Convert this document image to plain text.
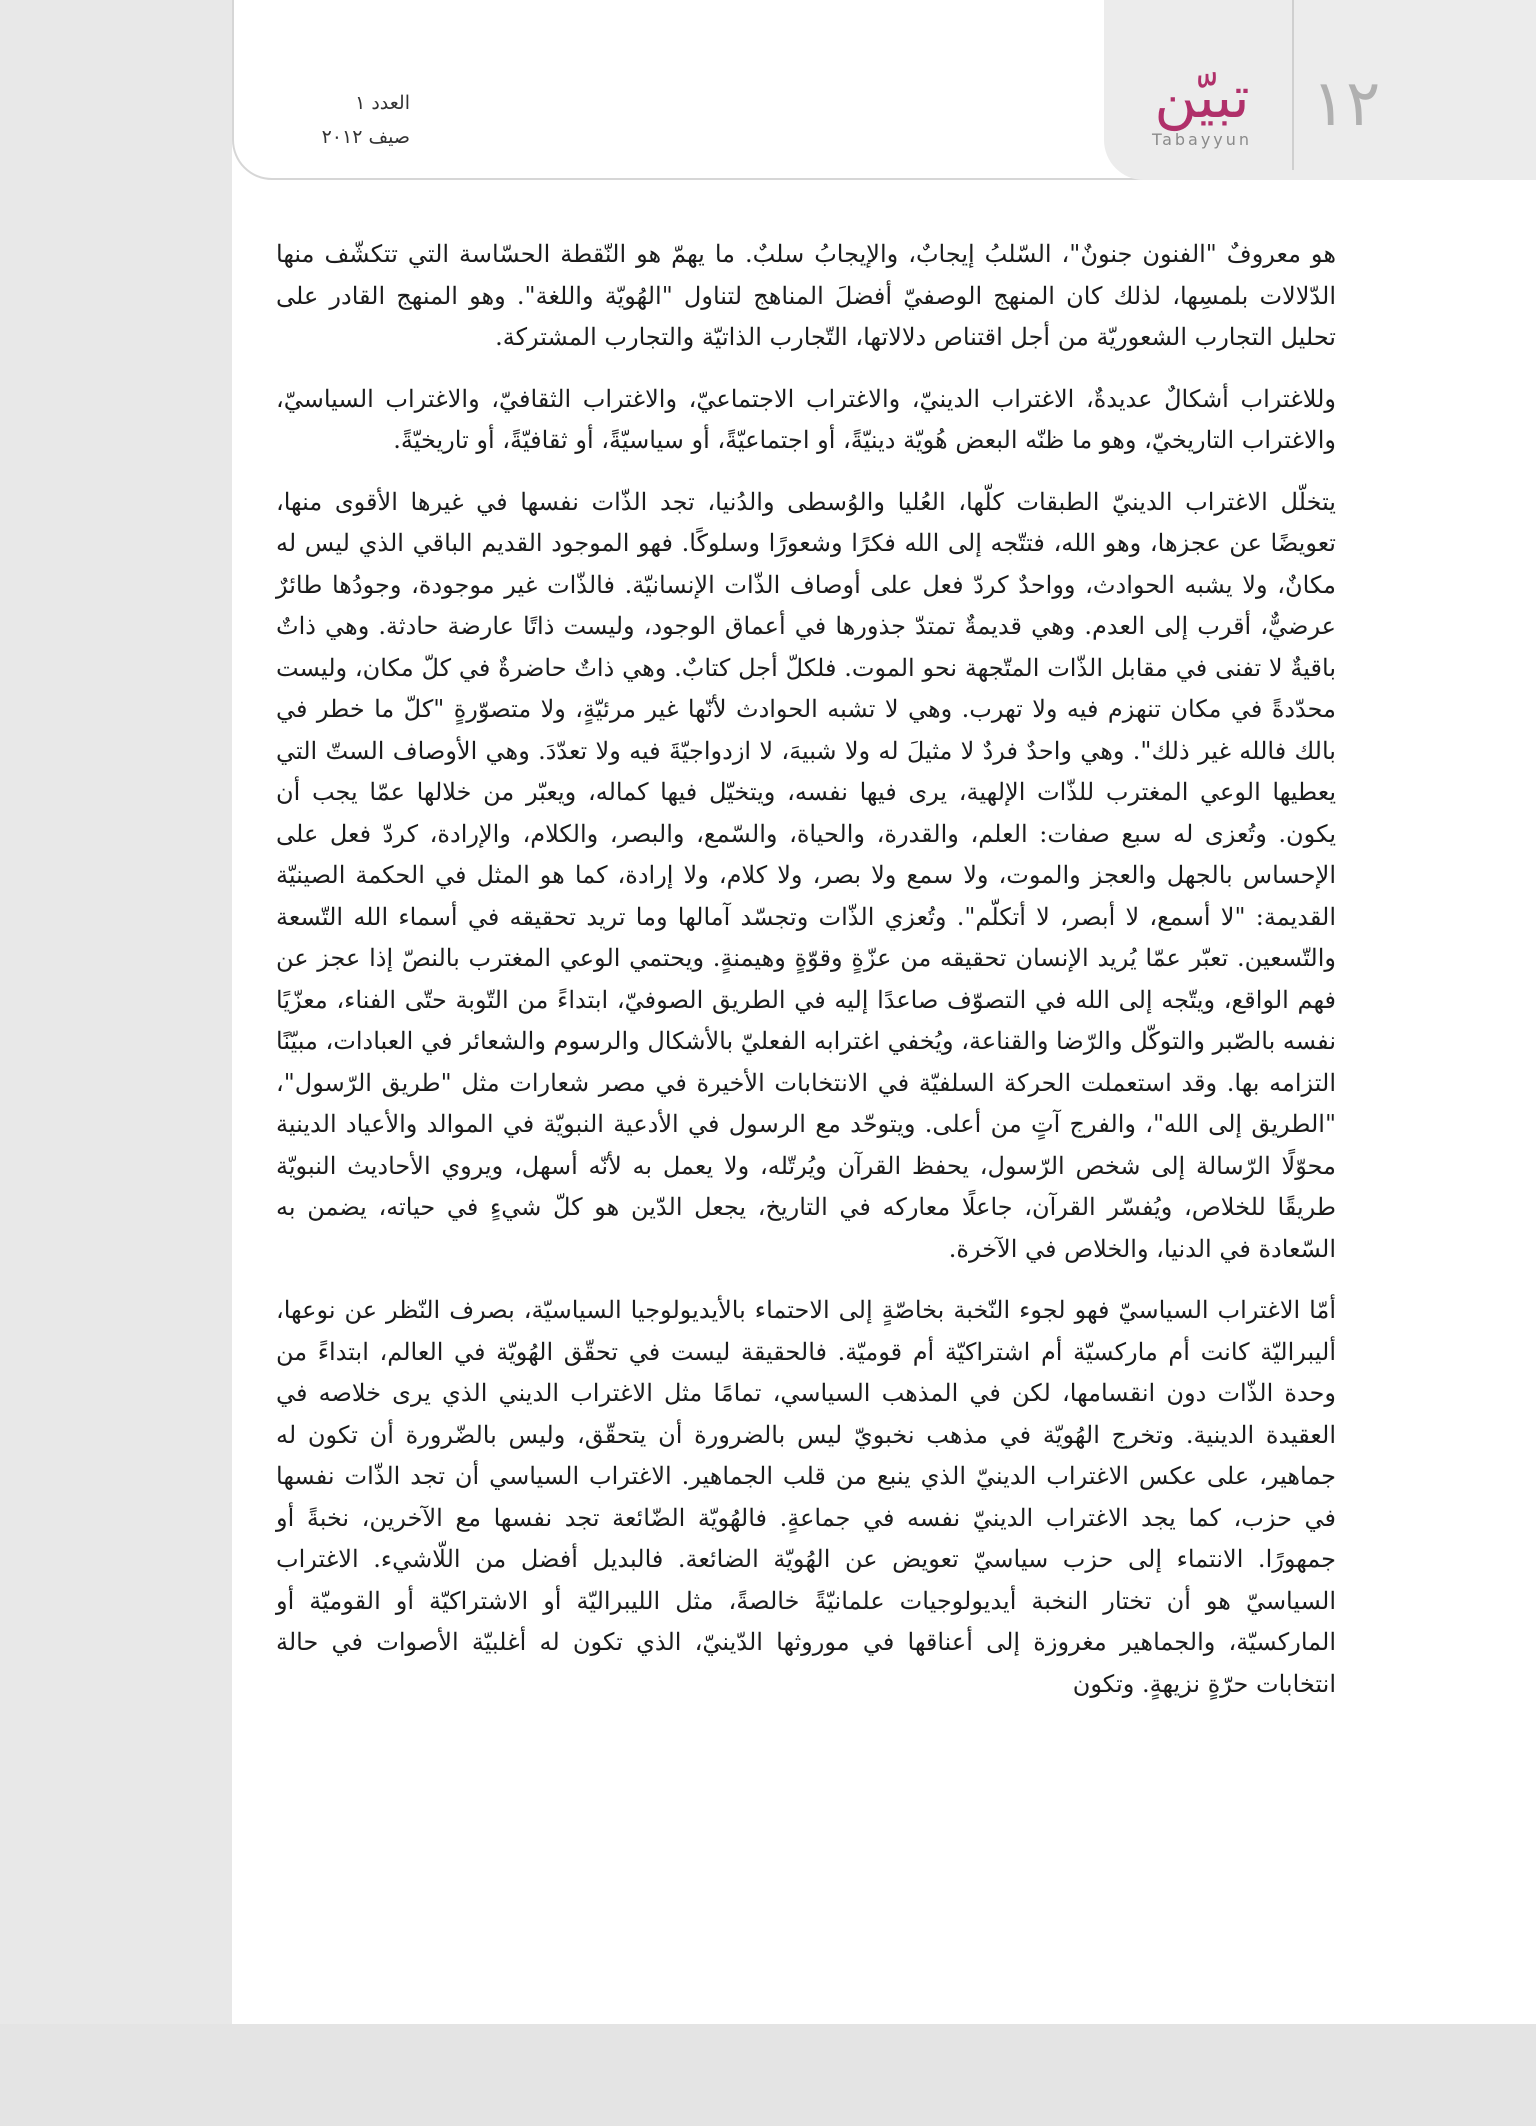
العدد ١
صيف ٢٠١٢
تبيّن
Tabayyun ١٢

هو معروفٌ "الفنون جنونٌ"، السّلبُ إيجابٌ، والإيجابُ سلبٌ. ما يهمّ هو النّقطة الحسّاسة التي تتكشّف منها الدّلالات بلمسِها، لذلك كان المنهج الوصفيّ أفضلَ المناهج لتناول "الهُويّة واللغة". وهو المنهج القادر على تحليل التجارب الشعوريّة من أجل اقتناص دلالاتها، التّجارب الذاتيّة والتجارب المشتركة.

وللاغتراب أشكالٌ عديدةٌ، الاغتراب الدينيّ، والاغتراب الاجتماعيّ، والاغتراب الثقافيّ، والاغتراب السياسيّ، والاغتراب التاريخيّ، وهو ما ظنّه البعض هُويّة دينيّةً، أو اجتماعيّةً، أو سياسيّةً، أو ثقافيّةً، أو تاريخيّةً.

يتخلّل الاغتراب الدينيّ الطبقات كلّها، العُليا والوُسطى والدُنيا، تجد الذّات نفسها في غيرها الأقوى منها، تعويضًا عن عجزها، وهو الله، فتتّجه إلى الله فكرًا وشعورًا وسلوكًا. فهو الموجود القديم الباقي الذي ليس له مكانٌ، ولا يشبه الحوادث، وواحدٌ كردّ فعل على أوصاف الذّات الإنسانيّة. فالذّات غير موجودة، وجودُها طائرٌ عرضيٌّ، أقرب إلى العدم. وهي قديمةٌ تمتدّ جذورها في أعماق الوجود، وليست ذاتًا عارضة حادثة. وهي ذاتٌ باقيةٌ لا تفنى في مقابل الذّات المتّجهة نحو الموت. فلكلّ أجل كتابٌ. وهي ذاتٌ حاضرةٌ في كلّ مكان، وليست محدّدةً في مكان تنهزم فيه ولا تهرب. وهي لا تشبه الحوادث لأنّها غير مرئيّةٍ، ولا متصوّرةٍ "كلّ ما خطر في بالك فالله غير ذلك". وهي واحدٌ فردٌ لا مثيلَ له ولا شبيهَ، لا ازدواجيّةَ فيه ولا تعدّدَ. وهي الأوصاف الستّ التي يعطيها الوعي المغترب للذّات الإلهية، يرى فيها نفسه، ويتخيّل فيها كماله، ويعبّر من خلالها عمّا يجب أن يكون. وتُعزى له سبع صفات: العلم، والقدرة، والحياة، والسّمع، والبصر، والكلام، والإرادة، كردّ فعل على الإحساس بالجهل والعجز والموت، ولا سمع ولا بصر، ولا كلام، ولا إرادة، كما هو المثل في الحكمة الصينيّة القديمة: "لا أسمع، لا أبصر، لا أتكلّم". وتُعزي الذّات وتجسّد آمالها وما تريد تحقيقه في أسماء الله التّسعة والتّسعين. تعبّر عمّا يُريد الإنسان تحقيقه من عزّةٍ وقوّةٍ وهيمنةٍ. ويحتمي الوعي المغترب بالنصّ إذا عجز عن فهم الواقع، ويتّجه إلى الله في التصوّف صاعدًا إليه في الطريق الصوفيّ، ابتداءً من التّوبة حتّى الفناء، معزّيًا نفسه بالصّبر والتوكّل والرّضا والقناعة، ويُخفي اغترابه الفعليّ بالأشكال والرسوم والشعائر في العبادات، مبيّنًا التزامه بها. وقد استعملت الحركة السلفيّة في الانتخابات الأخيرة في مصر شعارات مثل "طريق الرّسول"، "الطريق إلى الله"، والفرج آتٍ من أعلى. ويتوحّد مع الرسول في الأدعية النبويّة في الموالد والأعياد الدينية محوّلًا الرّسالة إلى شخص الرّسول، يحفظ القرآن ويُرتّله، ولا يعمل به لأنّه أسهل، ويروي الأحاديث النبويّة طريقًا للخلاص، ويُفسّر القرآن، جاعلًا معاركه في التاريخ، يجعل الدّين هو كلّ شيءٍ في حياته، يضمن به السّعادة في الدنيا، والخلاص في الآخرة.

أمّا الاغتراب السياسيّ فهو لجوء النّخبة بخاصّةٍ إلى الاحتماء بالأيديولوجيا السياسيّة، بصرف النّظر عن نوعها، أليبراليّة كانت أم ماركسيّة أم اشتراكيّة أم قوميّة. فالحقيقة ليست في تحقّق الهُويّة في العالم، ابتداءً من وحدة الذّات دون انقسامها، لكن في المذهب السياسي، تمامًا مثل الاغتراب الديني الذي يرى خلاصه في العقيدة الدينية. وتخرج الهُويّة في مذهب نخبويّ ليس بالضرورة أن يتحقّق، وليس بالضّرورة أن تكون له جماهير، على عكس الاغتراب الدينيّ الذي ينبع من قلب الجماهير. الاغتراب السياسي أن تجد الذّات نفسها في حزب، كما يجد الاغتراب الدينيّ نفسه في جماعةٍ. فالهُويّة الضّائعة تجد نفسها مع الآخرين، نخبةً أو جمهورًا. الانتماء إلى حزب سياسيّ تعويض عن الهُويّة الضائعة. فالبديل أفضل من اللّاشيء. الاغتراب السياسيّ هو أن تختار النخبة أيديولوجيات علمانيّةً خالصةً، مثل الليبراليّة أو الاشتراكيّة أو القوميّة أو الماركسيّة، والجماهير مغروزة إلى أعناقها في موروثها الدّينيّ، الذي تكون له أغلبيّة الأصوات في حالة انتخابات حرّةٍ نزيهةٍ. وتكون
